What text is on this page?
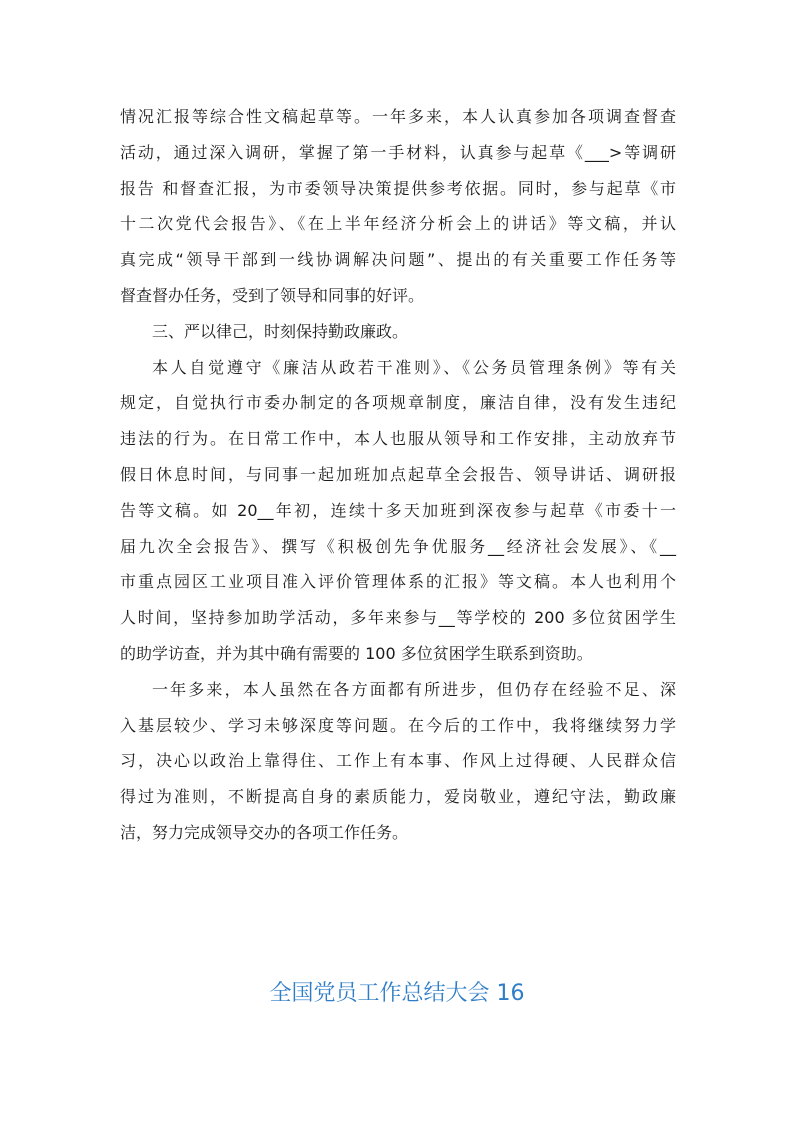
情况汇报等综合性文稿起草等。一年多来，本人认真参加各项调查督查
活动，通过深入调研，掌握了第一手材料，认真参与起草《___>等调研
报告 和督查汇报，为市委领导决策提供参考依据。同时，参与起草《市
十二次党代会报告》、《在上半年经济分析会上的讲话》等文稿，并认
真完成“领导干部到一线协调解决问题”、提出的有关重要工作任务等
督查督办任务，受到了领导和同事的好评。
三、严以律己，时刻保持勤政廉政。
本人自觉遵守《廉洁从政若干准则》、《公务员管理条例》等有关
规定，自觉执行市委办制定的各项规章制度，廉洁自律，没有发生违纪
违法的行为。在日常工作中，本人也服从领导和工作安排，主动放弃节
假日休息时间，与同事一起加班加点起草全会报告、领导讲话、调研报
告等文稿。如 20__年初，连续十多天加班到深夜参与起草《市委十一
届九次全会报告》、撰写《积极创先争优服务__经济社会发展》、《__
市重点园区工业项目准入评价管理体系的汇报》等文稿。本人也利用个
人时间，坚持参加助学活动，多年来参与__等学校的 200 多位贫困学生
的助学访查，并为其中确有需要的 100 多位贫困学生联系到资助。
一年多来，本人虽然在各方面都有所进步，但仍存在经验不足、深
入基层较少、学习未够深度等问题。在今后的工作中，我将继续努力学
习，决心以政治上靠得住、工作上有本事、作风上过得硬、人民群众信
得过为准则，不断提高自身的素质能力，爱岗敬业，遵纪守法，勤政廉
洁，努力完成领导交办的各项工作任务。
全国党员工作总结大会 16
